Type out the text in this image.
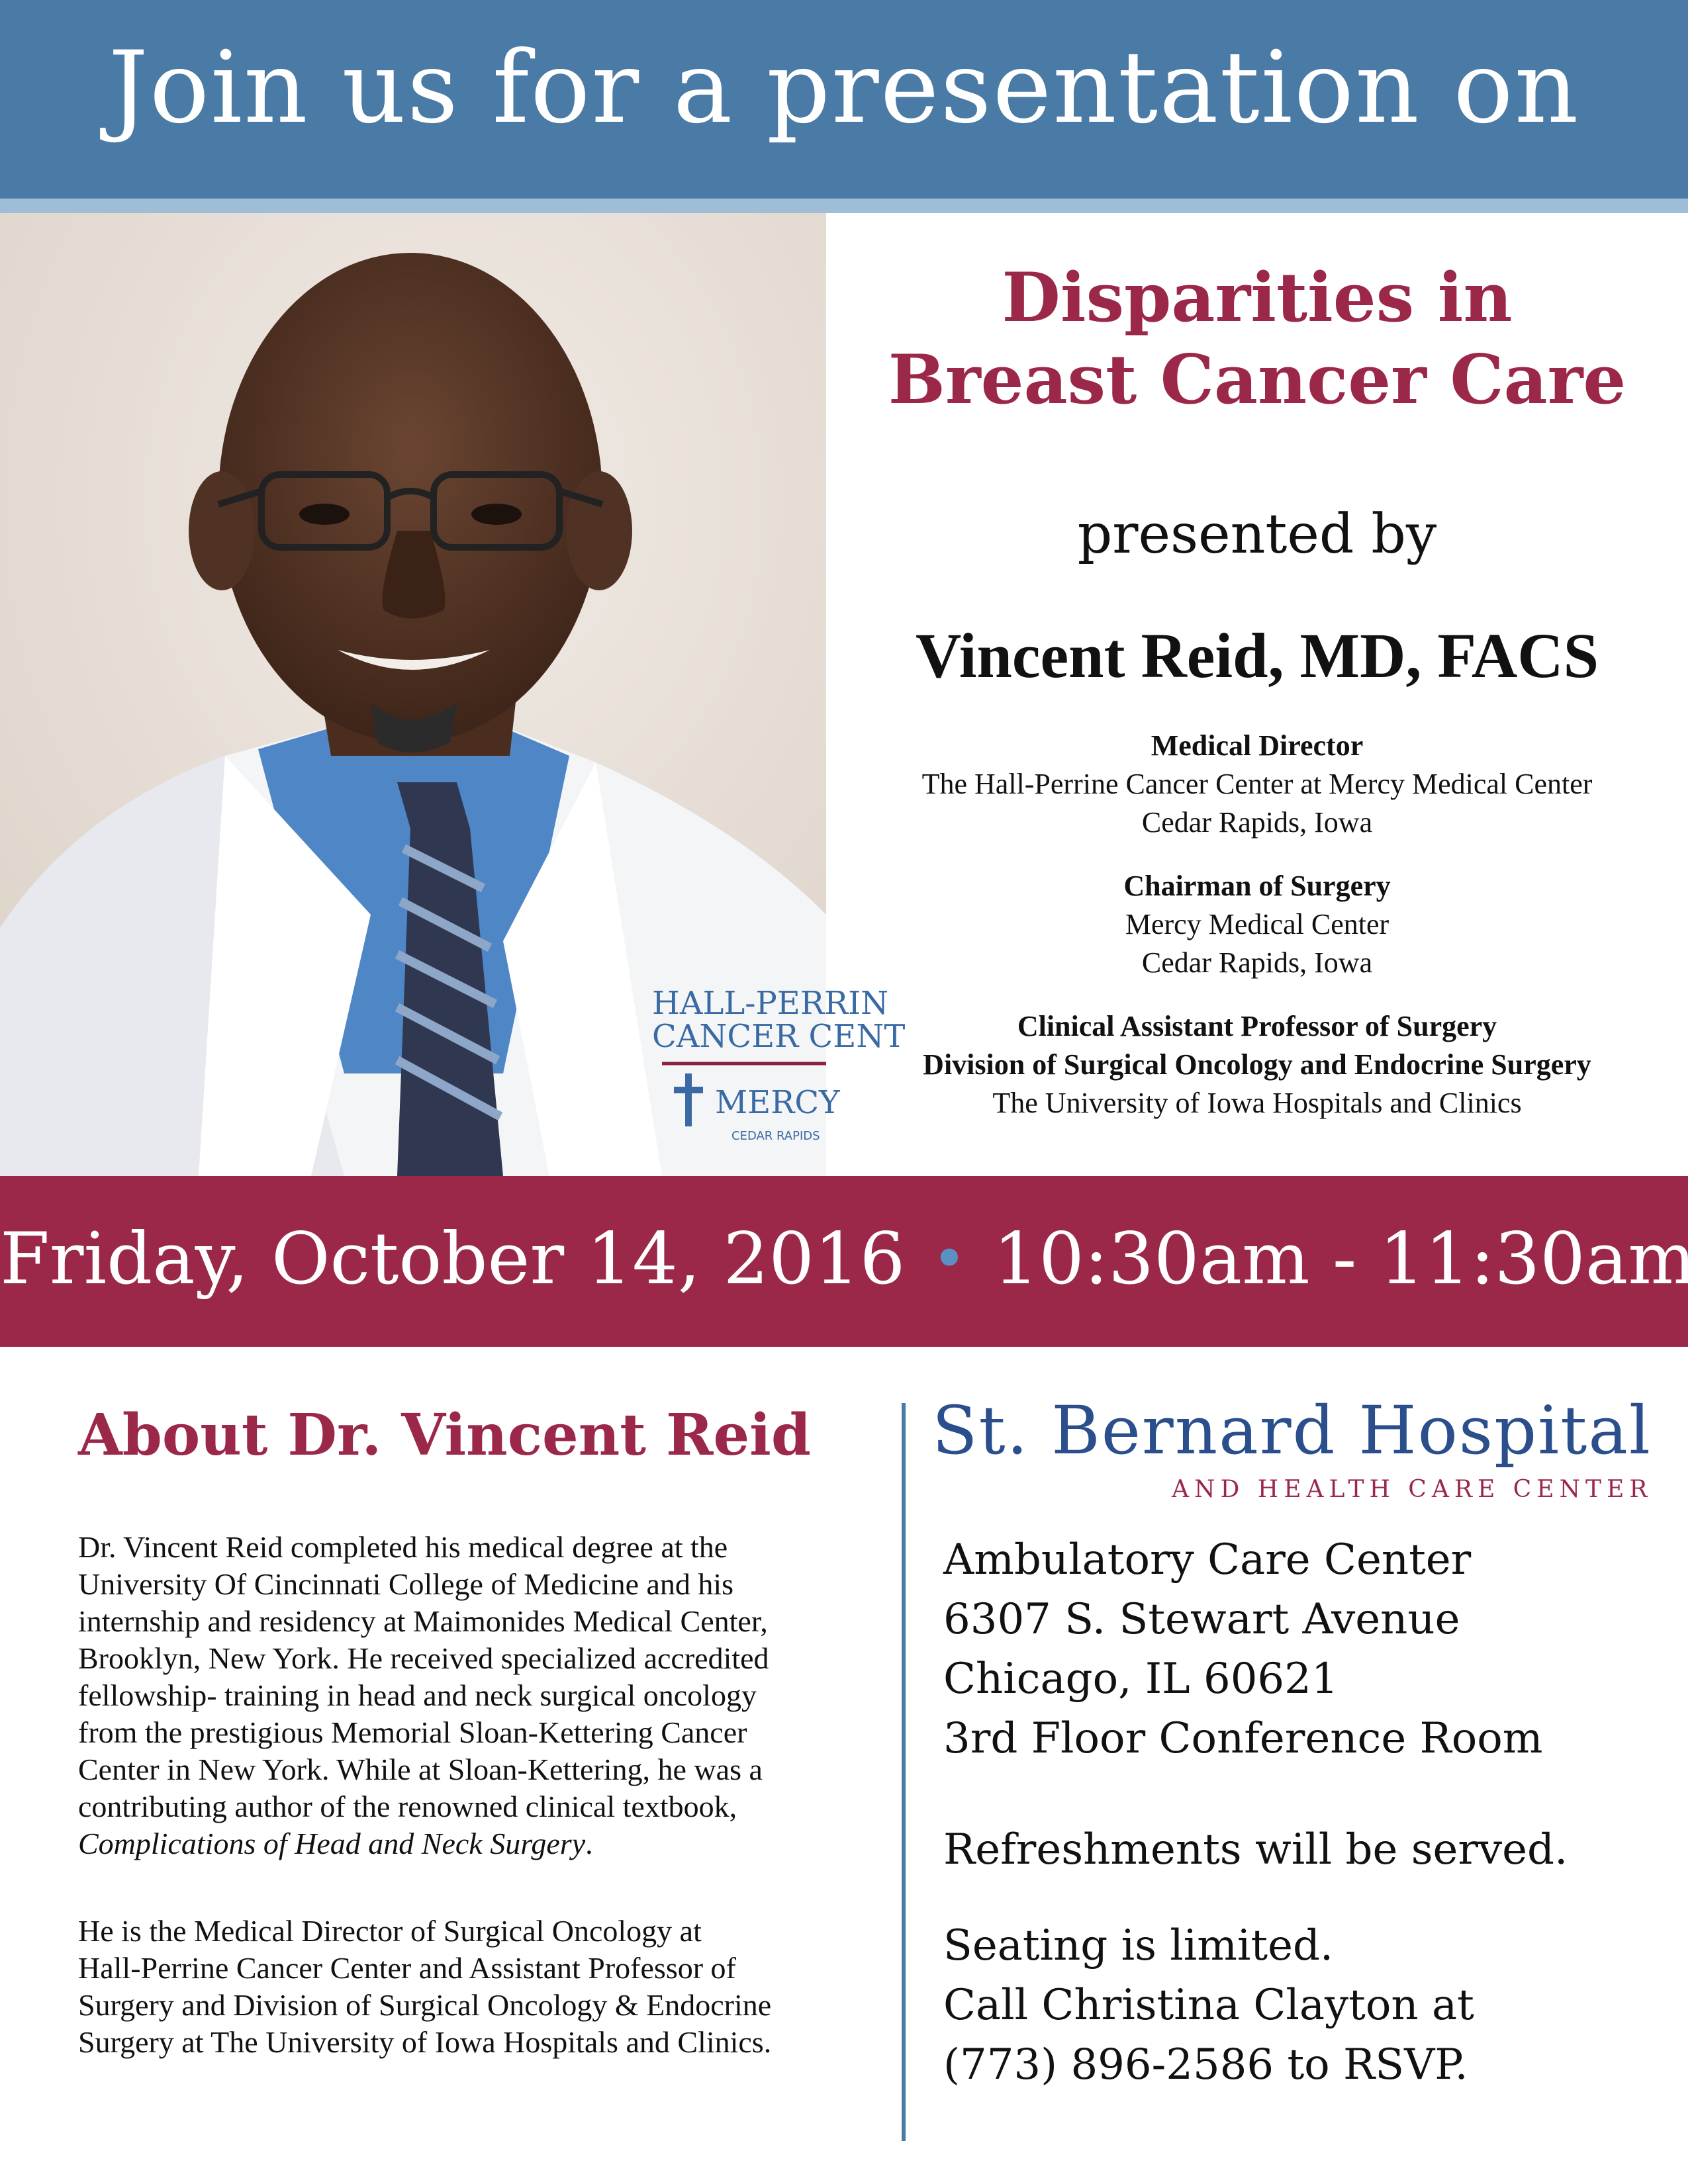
Join us for a presentation on
HALL-PERRIN
CANCER CENT
MERCY
CEDAR RAPIDS
Disparities in
Breast Cancer Care
presented by
Vincent Reid, MD, FACS
Medical Director
The Hall-Perrine Cancer Center at Mercy Medical Center
Cedar Rapids, Iowa
Chairman of Surgery
Mercy Medical Center
Cedar Rapids, Iowa
Clinical Assistant Professor of Surgery
Division of Surgical Oncology and Endocrine Surgery
The University of Iowa Hospitals and Clinics
Friday, October 14, 2016 • 10:30am - 11:30am
About Dr. Vincent Reid
Dr. Vincent Reid completed his medical degree at the
University Of Cincinnati College of Medicine and his
internship and residency at Maimonides Medical Center,
Brooklyn, New York. He received specialized accredited
fellowship- training in head and neck surgical oncology
from the prestigious Memorial Sloan-Kettering Cancer
Center in New York. While at Sloan-Kettering, he was a
contributing author of the renowned clinical textbook,
Complications of Head and Neck Surgery.
He is the Medical Director of Surgical Oncology at
Hall-Perrine Cancer Center and Assistant Professor of
Surgery and Division of Surgical Oncology & Endocrine
Surgery at The University of Iowa Hospitals and Clinics.
St. Bernard Hospital
AND HEALTH CARE CENTER
Ambulatory Care Center
6307 S. Stewart Avenue
Chicago, IL 60621
3rd Floor Conference Room
Refreshments will be served.
Seating is limited.
Call Christina Clayton at
(773) 896-2586 to RSVP.
